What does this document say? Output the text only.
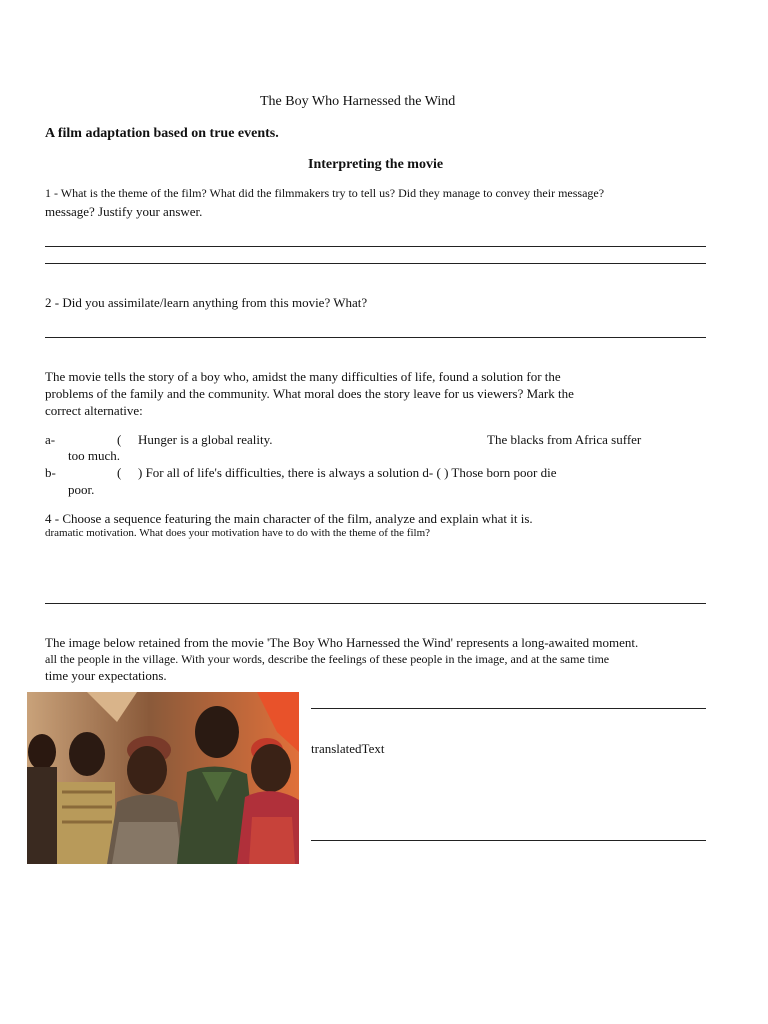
The Boy Who Harnessed the Wind
A film adaptation based on true events.
Interpreting the movie
1 - What is the theme of the film? What did the filmmakers try to tell us? Did they manage to convey their message?
message? Justify your answer.
2 - Did you assimilate/learn anything from this movie? What?
The movie tells the story of a boy who, amidst the many difficulties of life, found a solution for the
problems of the family and the community. What moral does the story leave for us viewers? Mark the
correct alternative:
a-	( Hunger is a global reality.	The blacks from Africa suffer
too much.
b-	( ) For all of life's difficulties, there is always a solution d- ( ) Those born poor die
poor.
4 - Choose a sequence featuring the main character of the film, analyze and explain what it is.
dramatic motivation. What does your motivation have to do with the theme of the film?
The image below retained from the movie 'The Boy Who Harnessed the Wind' represents a long-awaited moment.
all the people in the village. With your words, describe the feelings of these people in the image, and at the same time
time your expectations.
translatedText
